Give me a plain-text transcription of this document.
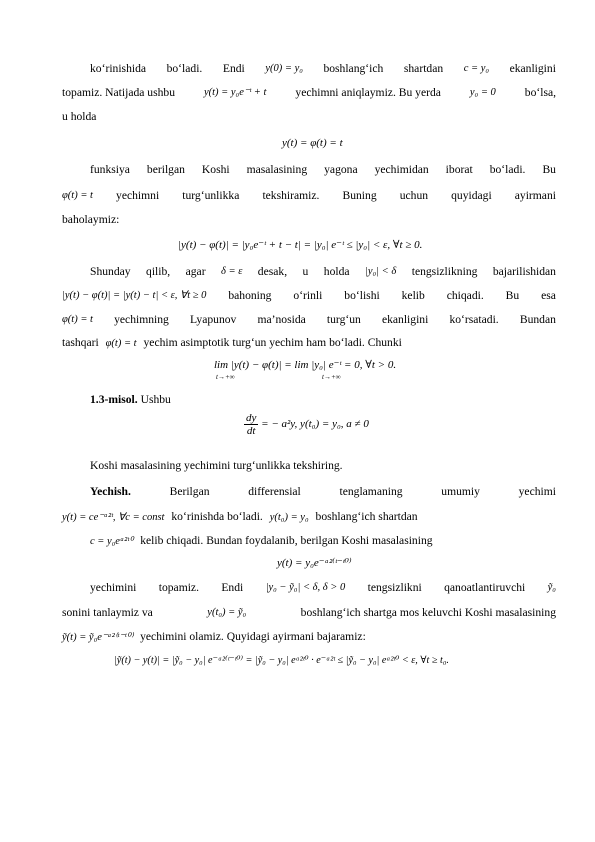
ko‘rinishida bo‘ladi. Endi y(0) = y₀ boshlang‘ich shartdan c = y₀ ekanligini
topamiz. Natijada ushbu	y(t) = y₀e⁻ᵗ + t yechimni aniqlaymiz. Bu yerda	y₀ = 0 bo‘lsa,
u holda
y(t) = φ(t) = t
funksiya berilgan Koshi masalasining yagona yechimidan iborat bo‘ladi. Bu
φ(t) = t yechimni turg‘unlikka tekshiramiz. Buning uchun quyidagi ayirmani
baholaymiz:
|y(t) − φ(t)| = |y₀e⁻ᵗ + t − t| = |y₀| e⁻ᵗ ≤ |y₀| < ε, ∀t ≥ 0.
Shunday qilib, agar δ = ε desak, u holda |y₀| < δ tengsizlikning bajarilishidan
|y(t) − φ(t)| = |y(t) − t| < ε, ∀t ≥ 0 bahoning o‘rinli bo‘lishi kelib chiqadi. Bu esa
φ(t) = t yechimning Lyapunov ma’nosida turg‘un ekanligini ko‘rsatadi. Bundan
tashqari φ(t) = t yechim asimptotik turg‘un yechim ham bo‘ladi. Chunki
lim |y(t) − φ(t)| = lim |y₀| e⁻ᵗ = 0, ∀t > 0.
t→+∞	t→+∞
1.3-misol. Ushbu
$\frac{dy}{dt}$ = − a²y, y(t₀) = y₀, a ≠ 0
Koshi masalasining yechimini turg‘unlikka tekshiring.
Yechish.	Berilgan	differensial	tenglamaning	umumiy	yechimi
y(t) = ce⁻ᵃ²ᵗ, ∀c = const ko‘rinishda bo‘ladi. y(t₀) = y₀ boshlang‘ich shartdan
c = y₀eᵃ²ᵗ⁰ kelib chiqadi. Bundan foydalanib, berilgan Koshi masalasining
y(t) = y₀e⁻ᵃ²⁽ᵗ⁻ᵗ⁰⁾
yechimini topamiz. Endi |y₀ − ỹ₀| < δ, δ > 0 tengsizlikni qanoatlantiruvchi ỹ₀
sonini tanlaymiz va	y(t₀) = ỹ₀	boshlang‘ich shartga mos keluvchi Koshi masalasining
ỹ(t) = ỹ₀e⁻ᵃ²⁽ᵗ⁻ᵗ⁰⁾ yechimini olamiz. Quyidagi ayirmani bajaramiz:
|ỹ(t) − y(t)| = |ỹ₀ − y₀| e⁻ᵃ²⁽ᵗ⁻ᵗ⁰⁾ = |ỹ₀ − y₀| eᵃ²ᵗ⁰ · e⁻ᵃ²ᵗ ≤ |ỹ₀ − y₀| eᵃ²ᵗ⁰ < ε, ∀t ≥ t₀.
